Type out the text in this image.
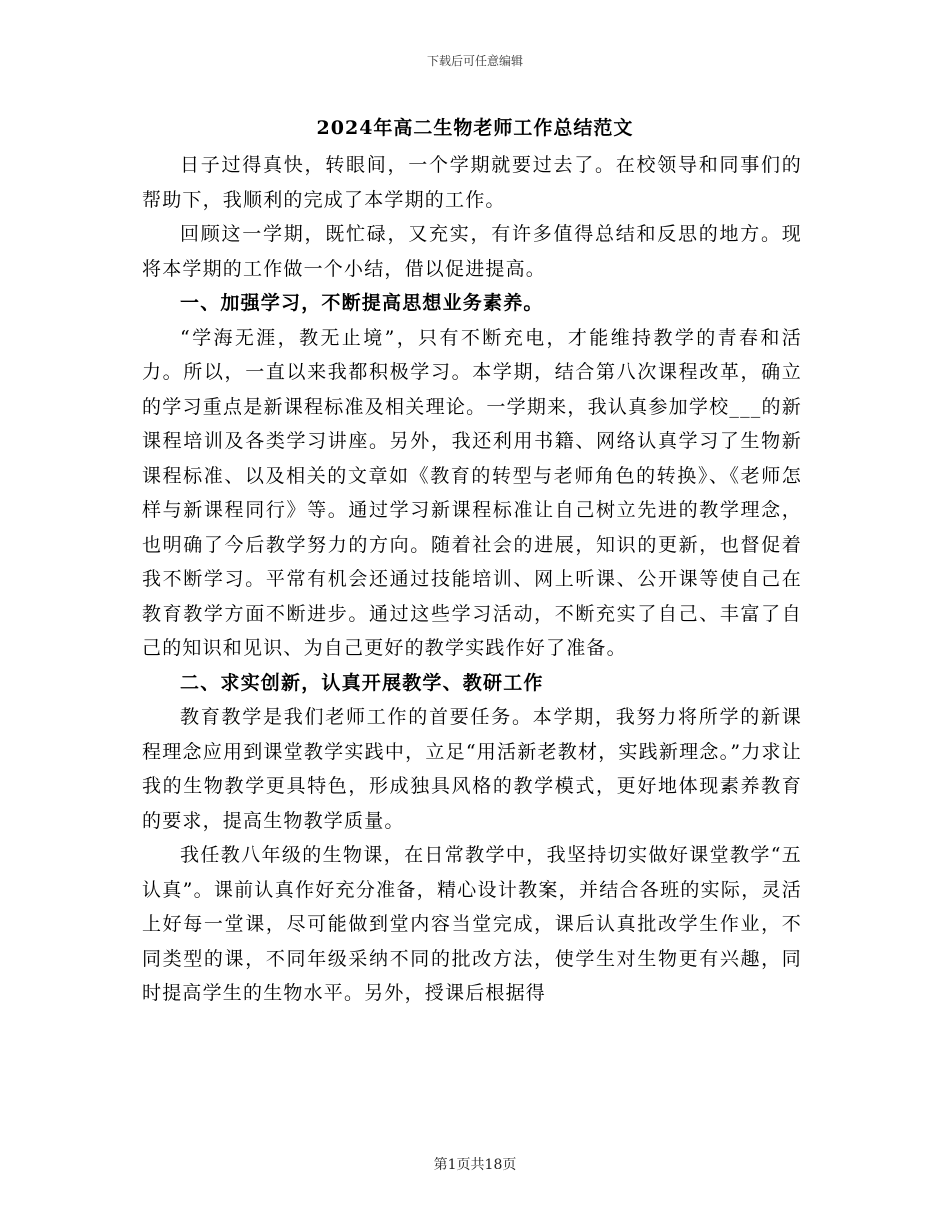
下载后可任意编辑
2024年高二生物老师工作总结范文

日子过得真快，转眼间，一个学期就要过去了。在校领导和同事们的帮助下，我顺利的完成了本学期的工作。

回顾这一学期，既忙碌，又充实，有许多值得总结和反思的地方。现将本学期的工作做一个小结，借以促进提高。

一、加强学习，不断提高思想业务素养。

“学海无涯，教无止境”，只有不断充电，才能维持教学的青春和活力。所以，一直以来我都积极学习。本学期，结合第八次课程改革，确立的学习重点是新课程标准及相关理论。一学期来，我认真参加学校___的新课程培训及各类学习讲座。另外，我还利用书籍、网络认真学习了生物新课程标准、以及相关的文章如《教育的转型与老师角色的转换》、《老师怎样与新课程同行》等。通过学习新课程标准让自己树立先进的教学理念，也明确了今后教学努力的方向。随着社会的进展，知识的更新，也督促着我不断学习。平常有机会还通过技能培训、网上听课、公开课等使自己在教育教学方面不断进步。通过这些学习活动，不断充实了自己、丰富了自己的知识和见识、为自己更好的教学实践作好了准备。

二、求实创新，认真开展教学、教研工作

教育教学是我们老师工作的首要任务。本学期，我努力将所学的新课程理念应用到课堂教学实践中，立足“用活新老教材，实践新理念。”力求让我的生物教学更具特色，形成独具风格的教学模式，更好地体现素养教育的要求，提高生物教学质量。

我任教八年级的生物课，在日常教学中，我坚持切实做好课堂教学“五认真”。课前认真作好充分准备，精心设计教案，并结合各班的实际，灵活上好每一堂课，尽可能做到堂内容当堂完成，课后认真批改学生作业，不同类型的课，不同年级采纳不同的批改方法，使学生对生物更有兴趣，同时提高学生的生物水平。另外，授课后根据得

第1页共18页
